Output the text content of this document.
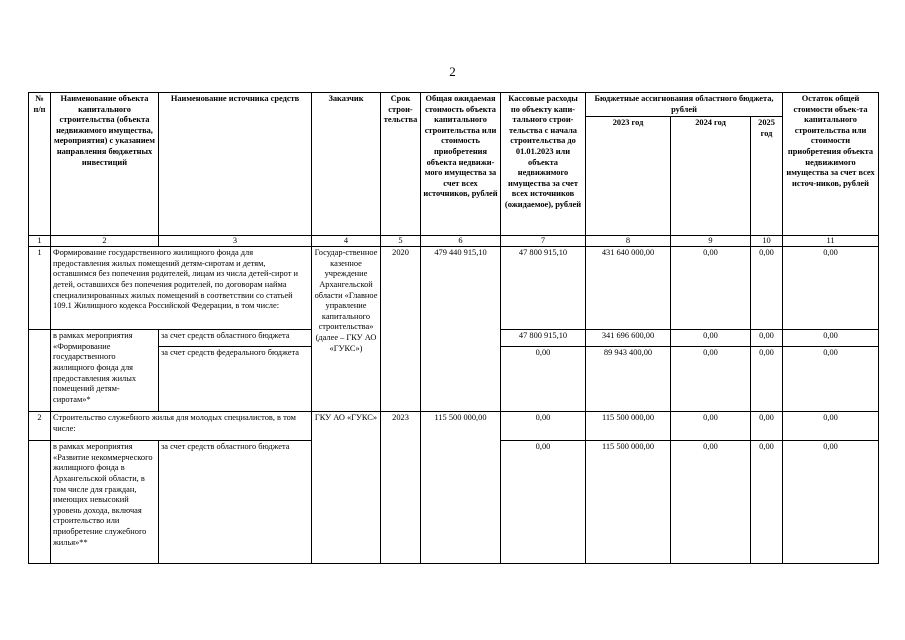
2
№ п/п	Наименование объекта капитального строительства (объекта недвижимого имущества, мероприятия) с указанием направления бюджетных инвестиций	Наименование источника средств	Заказчик	Срок строи-тельства	Общая ожидаемая стоимость объекта капитального строительства или стоимость приобретения объекта недвижи-мого имущества за счет всех источников, рублей	Кассовые расходы по объекту капи-тального строи-тельства с начала строительства до 01.01.2023 или объекта недвижимого имущества за счет всех источников (ожидаемое), рублей	Бюджетные ассигнования областного бюджета, рублей			Остаток общей стоимости объек-та капитального строительства или стоимости приобретения объекта недвижимого имущества за счет всех источ-ников, рублей
							2023 год	2024 год	2025 год	
1	2	3	4	5	6	7	8	9	10	11
1	Формирование государственного жилищного фонда для предоставления жилых помещений детям-сиротам и детям, оставшимся без попечения родителей, лицам из числа детей-сирот и детей, оставшихся без попечения родителей, по договорам найма специализированных жилых помещений в соответствии со статьей 109.1 Жилищного кодекса Российской Федерации, в том числе:		Государ-ственное казенное учреждение Архангельской области «Главное управление капитального строительства» (далее – ГКУ АО «ГУКС»)	2020	479 440 915,10	47 800 915,10	431 640 000,00	0,00	0,00	0,00
	в рамках мероприятия «Формирование государственного жилищного фонда для предоставления жилых помещений детям-сиротам»*	за счет средств областного бюджета				47 800 915,10	341 696 600,00	0,00	0,00	0,00
		за счет средств федерального бюджета				0,00	89 943 400,00	0,00	0,00	0,00
2	Строительство служебного жилья для молодых специалистов, в том числе:		ГКУ АО «ГУКС»	2023	115 500 000,00	0,00	115 500 000,00	0,00	0,00	0,00
	в рамках мероприятия «Развитие некоммерческого жилищного фонда в Архангельской области, в том числе для граждан, имеющих невысокий уровень дохода, включая строительство или приобретение служебного жилья»**	за счет средств областного бюджета				0,00	115 500 000,00	0,00	0,00	0,00
